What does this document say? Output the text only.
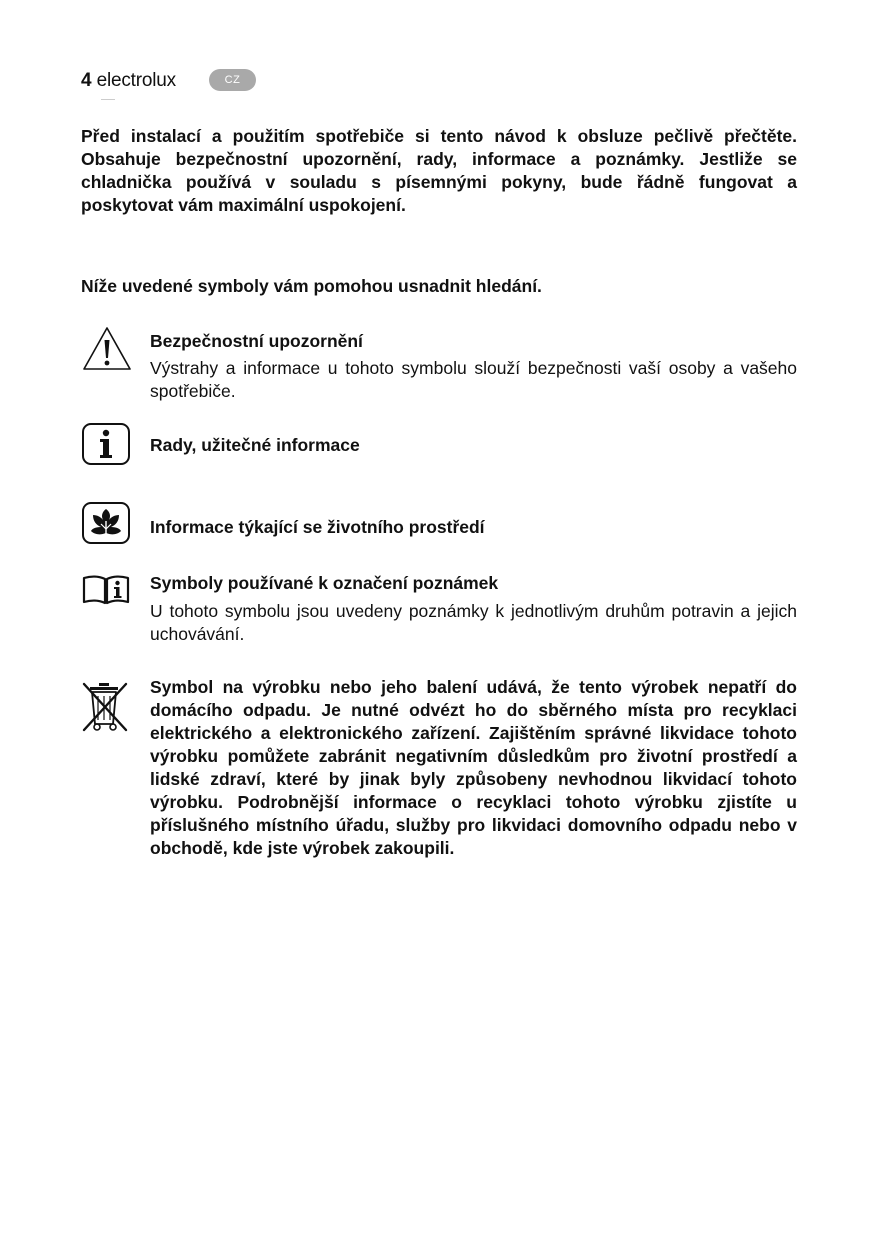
4 electrolux	CZ
Před instalací a použitím spotřebiče si tento návod k obsluze pečlivě přečtěte. Obsahuje bezpečnostní upozornění, rady, informace a poznámky. Jestliže se chladnička používá v souladu s písemnými pokyny, bude řádně fungovat a poskytovat vám maximální uspokojení.
Níže uvedené symboly vám pomohou usnadnit hledání.
Bezpečnostní upozornění
Výstrahy a informace u tohoto symbolu slouží bezpečnosti vaší osoby a vašeho spotřebiče.
Rady, užitečné informace
Informace týkající se životního prostředí
Symboly používané k označení poznámek
U tohoto symbolu jsou uvedeny poznámky k jednotlivým druhům potravin a jejich uchovávání.
Symbol na výrobku nebo jeho balení udává, že tento výrobek nepatří do domácího odpadu. Je nutné odvézt ho do sběrného místa pro recyklaci elektrického a elektronického zařízení. Zajištěním správné likvidace tohoto výrobku pomůžete zabránit negativním důsledkům pro životní prostředí a lidské zdraví, které by jinak byly způsobeny nevhodnou likvidací tohoto výrobku. Podrobnější informace o recyklaci tohoto výrobku zjistíte u příslušného místního úřadu, služby pro likvidaci domovního odpadu nebo v obchodě, kde jste výrobek zakoupili.
